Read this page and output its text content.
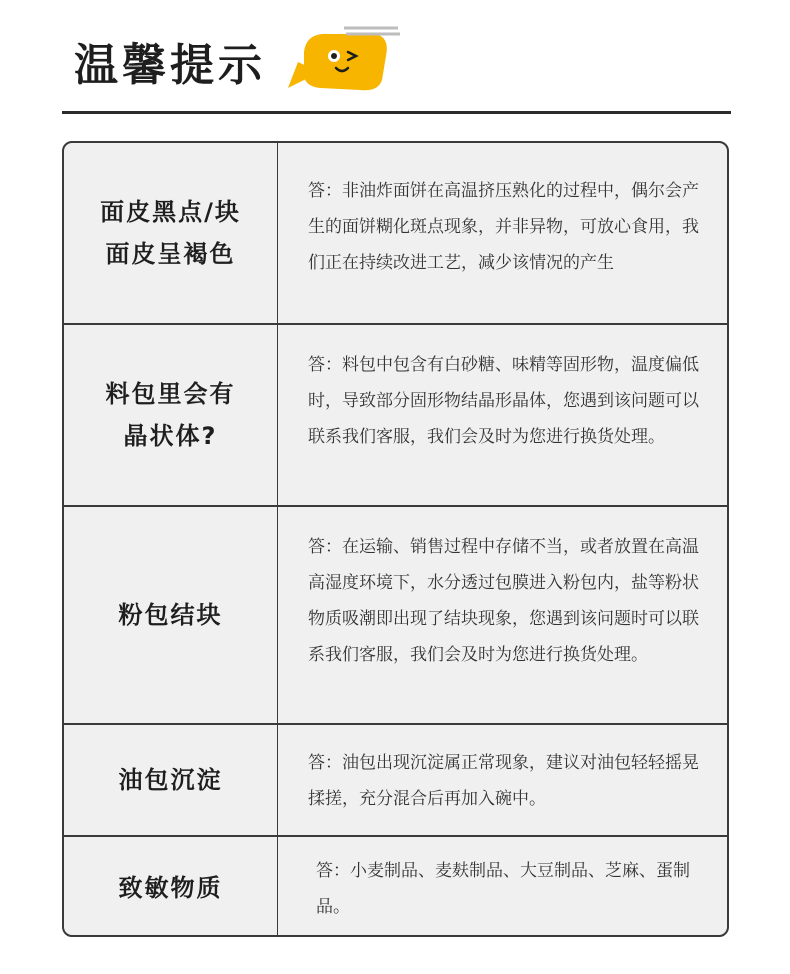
温馨提示
面皮黑点/块
面皮呈褐色
答：非油炸面饼在高温挤压熟化的过程中，偶尔会产生的面饼糊化斑点现象，并非异物，可放心食用，我们正在持续改进工艺，减少该情况的产生
料包里会有
晶状体?
答：料包中包含有白砂糖、味精等固形物，温度偏低时，导致部分固形物结晶形晶体，您遇到该问题可以联系我们客服，我们会及时为您进行换货处理。
粉包结块
答：在运输、销售过程中存储不当，或者放置在高温高湿度环境下，水分透过包膜进入粉包内，盐等粉状物质吸潮即出现了结块现象，您遇到该问题时可以联系我们客服，我们会及时为您进行换货处理。
油包沉淀
答：油包出现沉淀属正常现象，建议对油包轻轻摇晃揉搓，充分混合后再加入碗中。
致敏物质
答：小麦制品、麦麸制品、大豆制品、芝麻、蛋制品。
